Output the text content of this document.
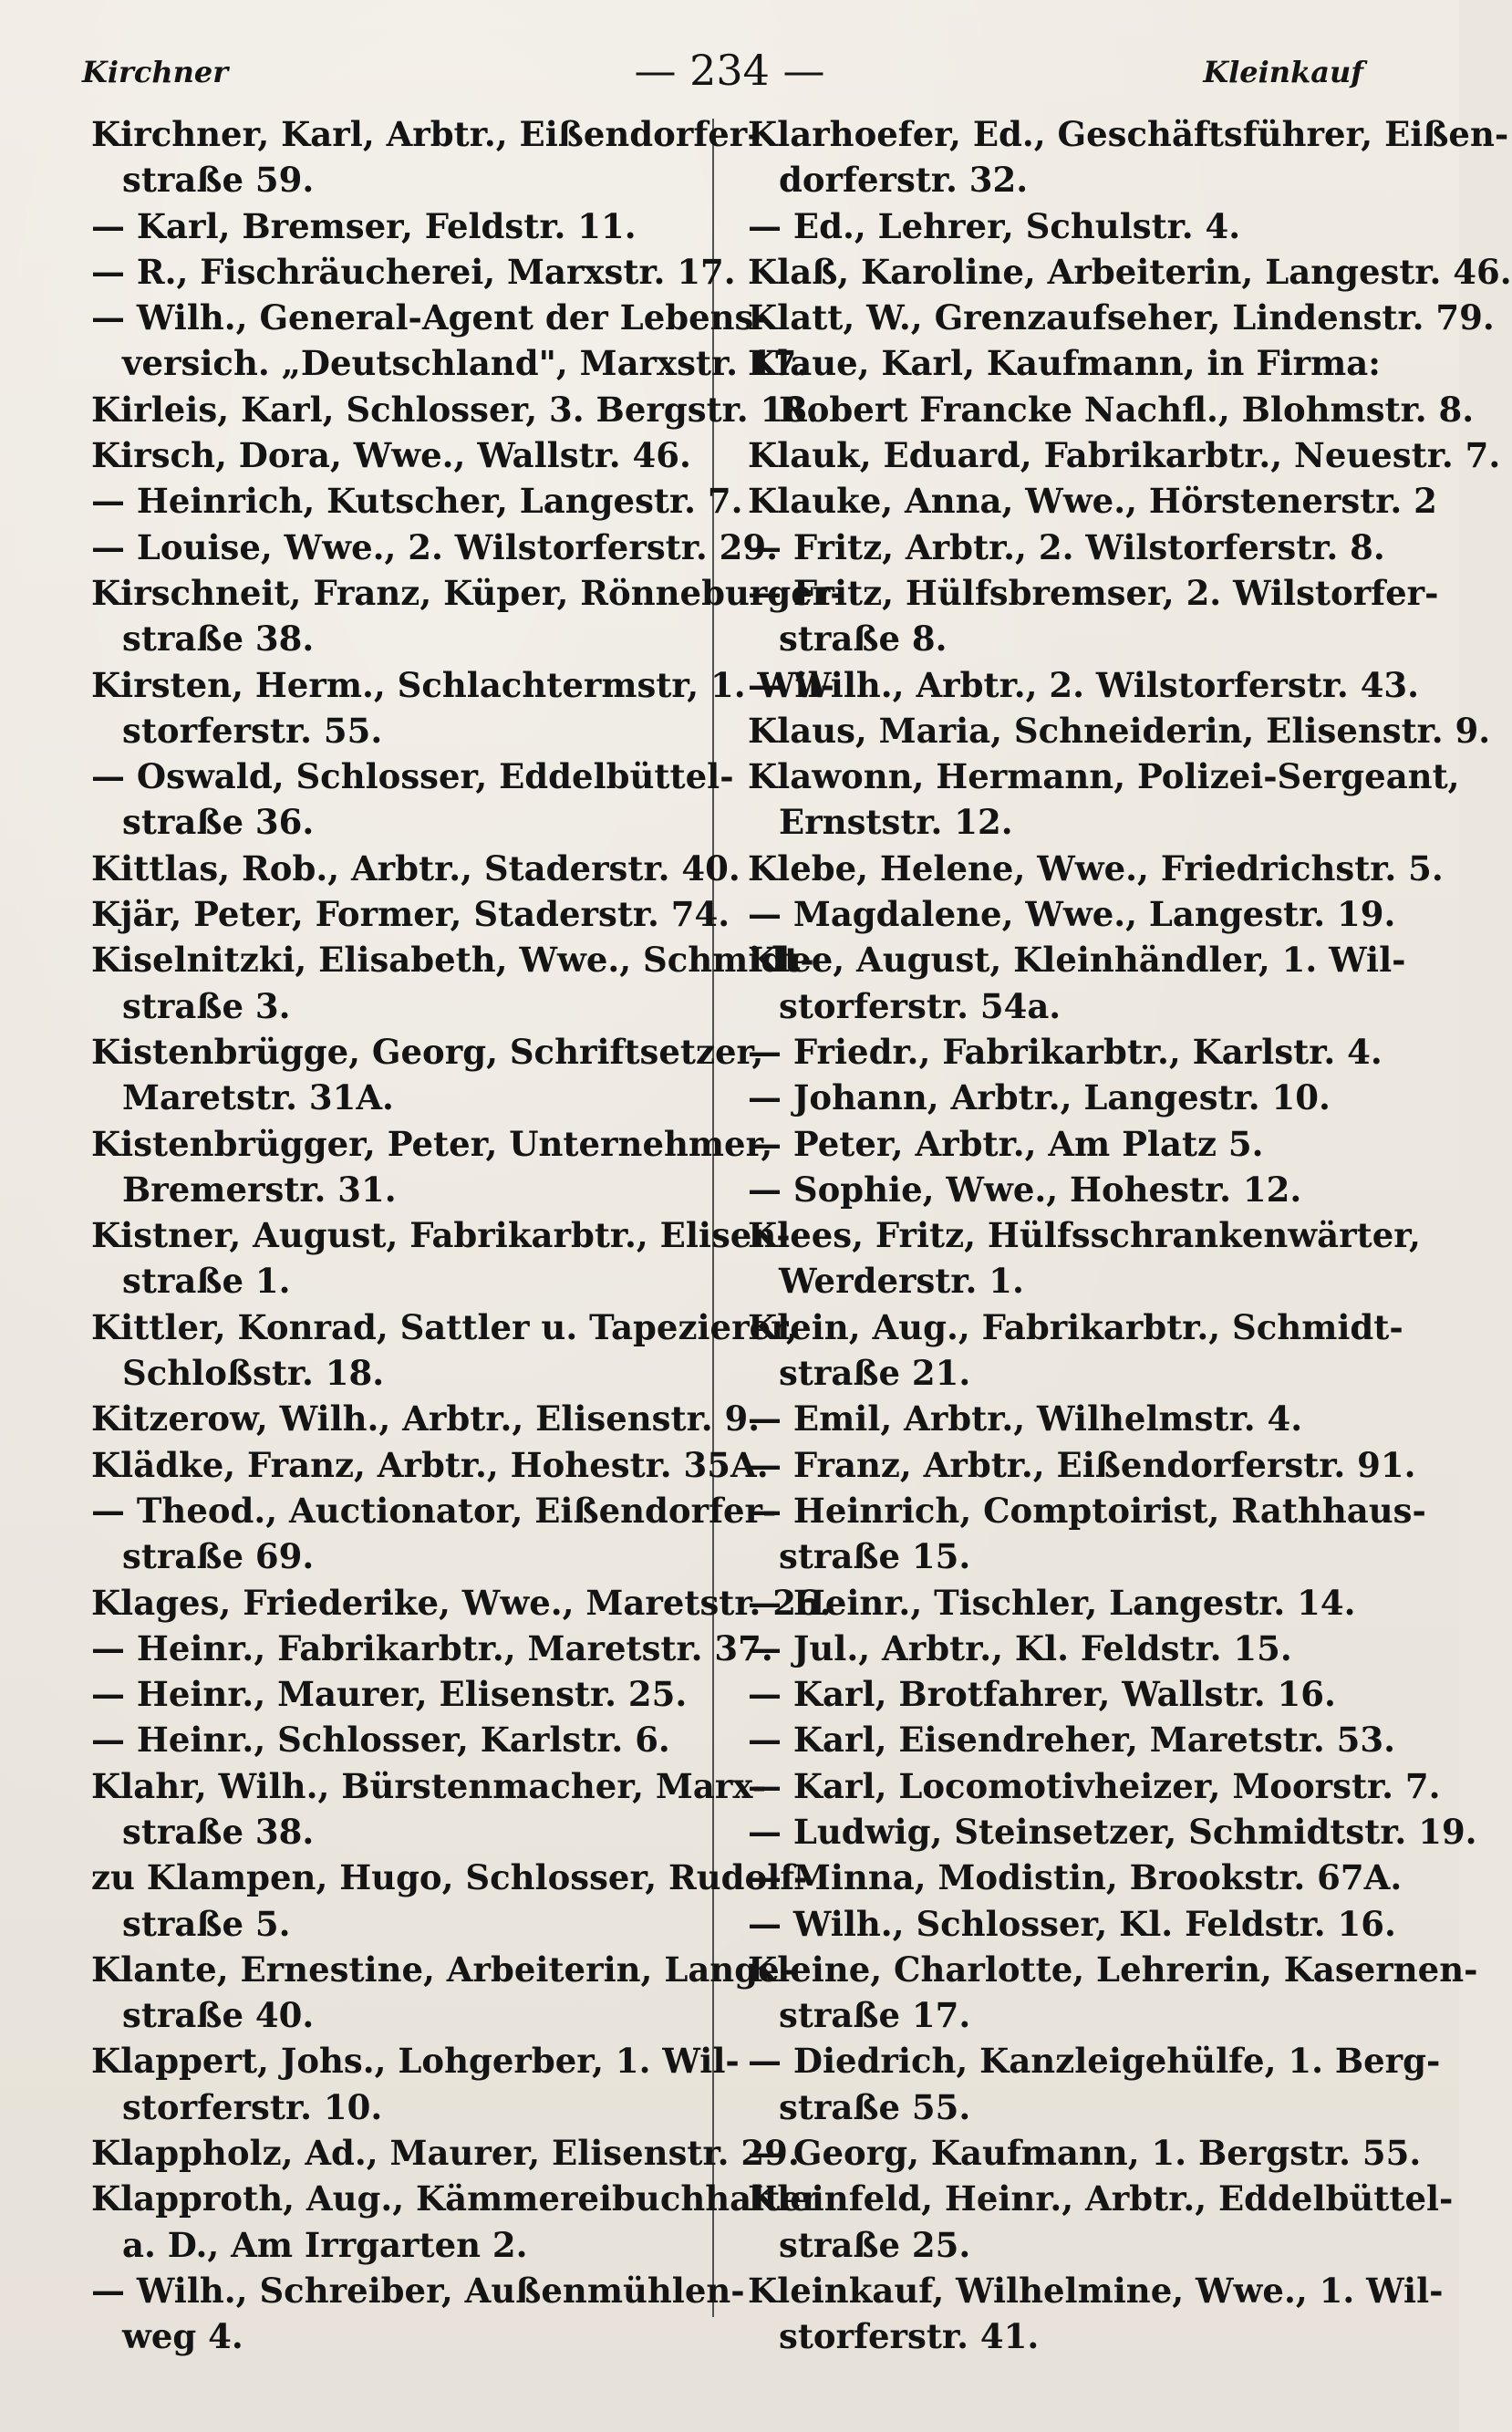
Kirchner	— 234 —	Kleinkauf
Kirchner, Karl, Arbtr., Eißendorfer-
straße 59.
— Karl, Bremser, Feldstr. 11.
— R., Fischräucherei, Marxstr. 17.
— Wilh., General-Agent der Lebens-
versich. „Deutschland", Marxstr. 17.
Kirleis, Karl, Schlosser, 3. Bergstr. 18.
Kirsch, Dora, Wwe., Wallstr. 46.
— Heinrich, Kutscher, Langestr. 7.
— Louise, Wwe., 2. Wilstorferstr. 29.
Kirschneit, Franz, Küper, Rönneburger-
straße 38.
Kirsten, Herm., Schlachtermstr, 1. Wil-
storferstr. 55.
— Oswald, Schlosser, Eddelbüttel-
straße 36.
Kittlas, Rob., Arbtr., Staderstr. 40.
Kjär, Peter, Former, Staderstr. 74.
Kiselnitzki, Elisabeth, Wwe., Schmidt-
straße 3.
Kistenbrügge, Georg, Schriftsetzer,
Maretstr. 31A.
Kistenbrügger, Peter, Unternehmer,
Bremerstr. 31.
Kistner, August, Fabrikarbtr., Elisen-
straße 1.
Kittler, Konrad, Sattler u. Tapezierer,
Schloßstr. 18.
Kitzerow, Wilh., Arbtr., Elisenstr. 9.
Klädke, Franz, Arbtr., Hohestr. 35A.
— Theod., Auctionator, Eißendorfer-
straße 69.
Klages, Friederike, Wwe., Maretstr. 26.
— Heinr., Fabrikarbtr., Maretstr. 37.
— Heinr., Maurer, Elisenstr. 25.
— Heinr., Schlosser, Karlstr. 6.
Klahr, Wilh., Bürstenmacher, Marx-
straße 38.
zu Klampen, Hugo, Schlosser, Rudolf-
straße 5.
Klante, Ernestine, Arbeiterin, Lange-
straße 40.
Klappert, Johs., Lohgerber, 1. Wil-
storferstr. 10.
Klappholz, Ad., Maurer, Elisenstr. 29.
Klapproth, Aug., Kämmereibuchhalter
a. D., Am Irrgarten 2.
— Wilh., Schreiber, Außenmühlen-
weg 4.
Klarhoefer, Ed., Geschäftsführer, Eißen-
dorferstr. 32.
— Ed., Lehrer, Schulstr. 4.
Klaß, Karoline, Arbeiterin, Langestr. 46.
Klatt, W., Grenzaufseher, Lindenstr. 79.
Klaue, Karl, Kaufmann, in Firma:
Robert Francke Nachfl., Blohmstr. 8.
Klauk, Eduard, Fabrikarbtr., Neuestr. 7.
Klauke, Anna, Wwe., Hörstenerstr. 2
— Fritz, Arbtr., 2. Wilstorferstr. 8.
— Fritz, Hülfsbremser, 2. Wilstorfer-
straße 8.
— Wilh., Arbtr., 2. Wilstorferstr. 43.
Klaus, Maria, Schneiderin, Elisenstr. 9.
Klawonn, Hermann, Polizei-Sergeant,
Ernststr. 12.
Klebe, Helene, Wwe., Friedrichstr. 5.
— Magdalene, Wwe., Langestr. 19.
Klee, August, Kleinhändler, 1. Wil-
storferstr. 54a.
— Friedr., Fabrikarbtr., Karlstr. 4.
— Johann, Arbtr., Langestr. 10.
— Peter, Arbtr., Am Platz 5.
— Sophie, Wwe., Hohestr. 12.
Klees, Fritz, Hülfsschrankenwärter,
Werderstr. 1.
Klein, Aug., Fabrikarbtr., Schmidt-
straße 21.
— Emil, Arbtr., Wilhelmstr. 4.
— Franz, Arbtr., Eißendorferstr. 91.
— Heinrich, Comptoirist, Rathhaus-
straße 15.
— Heinr., Tischler, Langestr. 14.
— Jul., Arbtr., Kl. Feldstr. 15.
— Karl, Brotfahrer, Wallstr. 16.
— Karl, Eisendreher, Maretstr. 53.
— Karl, Locomotivheizer, Moorstr. 7.
— Ludwig, Steinsetzer, Schmidtstr. 19.
— Minna, Modistin, Brookstr. 67A.
— Wilh., Schlosser, Kl. Feldstr. 16.
Kleine, Charlotte, Lehrerin, Kasernen-
straße 17.
— Diedrich, Kanzleigehülfe, 1. Berg-
straße 55.
— Georg, Kaufmann, 1. Bergstr. 55.
Kleinfeld, Heinr., Arbtr., Eddelbüttel-
straße 25.
Kleinkauf, Wilhelmine, Wwe., 1. Wil-
storferstr. 41.
